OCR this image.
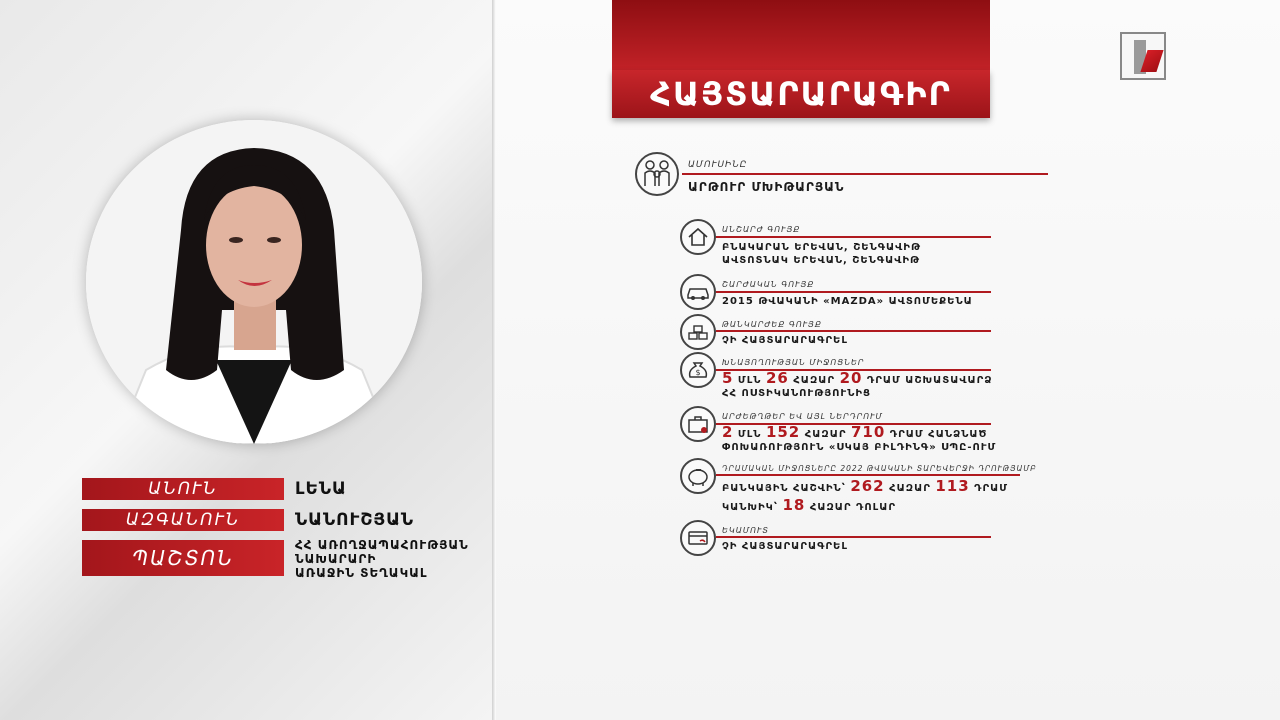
ԱՆՈՒՆ	ԼԵՆԱ
ԱԶԳԱՆՈՒՆ	ՆԱՆՈՒՇՅԱՆ
ՊԱՇՏՈՆ
ՀՀ ԱՌՈՂՋԱՊԱՀՈՒԹՅԱՆ
ՆԱԽԱՐԱՐԻ
ԱՌԱՋԻՆ ՏԵՂԱԿԱԼ
ՀԱՅՏԱՐԱՐԱԳԻՐ
ԱՄՈՒՍԻՆԸ
ԱՐԹՈՒՐ ՄԽԻԹԱՐՅԱՆ
ԱՆՇԱՐԺ ԳՈՒՅՔ
ԲՆԱԿԱՐԱՆ ԵՐԵՎԱՆ, ՇԵՆԳԱՎԻԹ
ԱՎՏՈՏՆԱԿ ԵՐԵՎԱՆ, ՇԵՆԳԱՎԻԹ
ՇԱՐԺԱԿԱՆ ԳՈՒՅՔ
2015 ԹՎԱԿԱՆԻ «MAZDA» ԱՎՏՈՄԵՔԵՆԱ
ԹԱՆԿԱՐԺԵՔ ԳՈՒՅՔ
ՉԻ ՀԱՅՏԱՐԱՐԱԳՐԵԼ
$
ԽՆԱՅՈՂՈՒԹՅԱՆ ՄԻՋՈՑՆԵՐ
5 ՄԼՆ 26 ՀԱԶԱՐ 20 ԴՐԱՄ ԱՇԽԱՏԱՎԱՐՁ
ՀՀ ՈՍՏԻԿԱՆՈՒԹՅՈՒՆԻՑ
ԱՐԺԵԹՂԹԵՐ ԵՎ ԱՅԼ ՆԵՐԴՐՈՒՄ
2 ՄԼՆ 152 ՀԱԶԱՐ 710 ԴՐԱՄ ՀԱՆՁՆԱԾ
ՓՈԽԱՌՈՒԹՅՈՒՆ «ՍԿԱՅ ԲԻԼԴԻՆԳ» ՍՊԸ-ՈՒՄ
ԴՐԱՄԱԿԱՆ ՄԻՋՈՑՆԵՐԸ 2022 ԹՎԱԿԱՆԻ ՏԱՐԵՎԵՐՋԻ ԴՐՈՒԹՅԱՄԲ
ԲԱՆԿԱՅԻՆ ՀԱՇՎԻՆ՝ 262 ՀԱԶԱՐ 113 ԴՐԱՄ
ԿԱՆԽԻԿ՝ 18 ՀԱԶԱՐ ԴՈԼԱՐ
ԵԿԱՄՈՒՏ
ՉԻ ՀԱՅՏԱՐԱՐԱԳՐԵԼ
